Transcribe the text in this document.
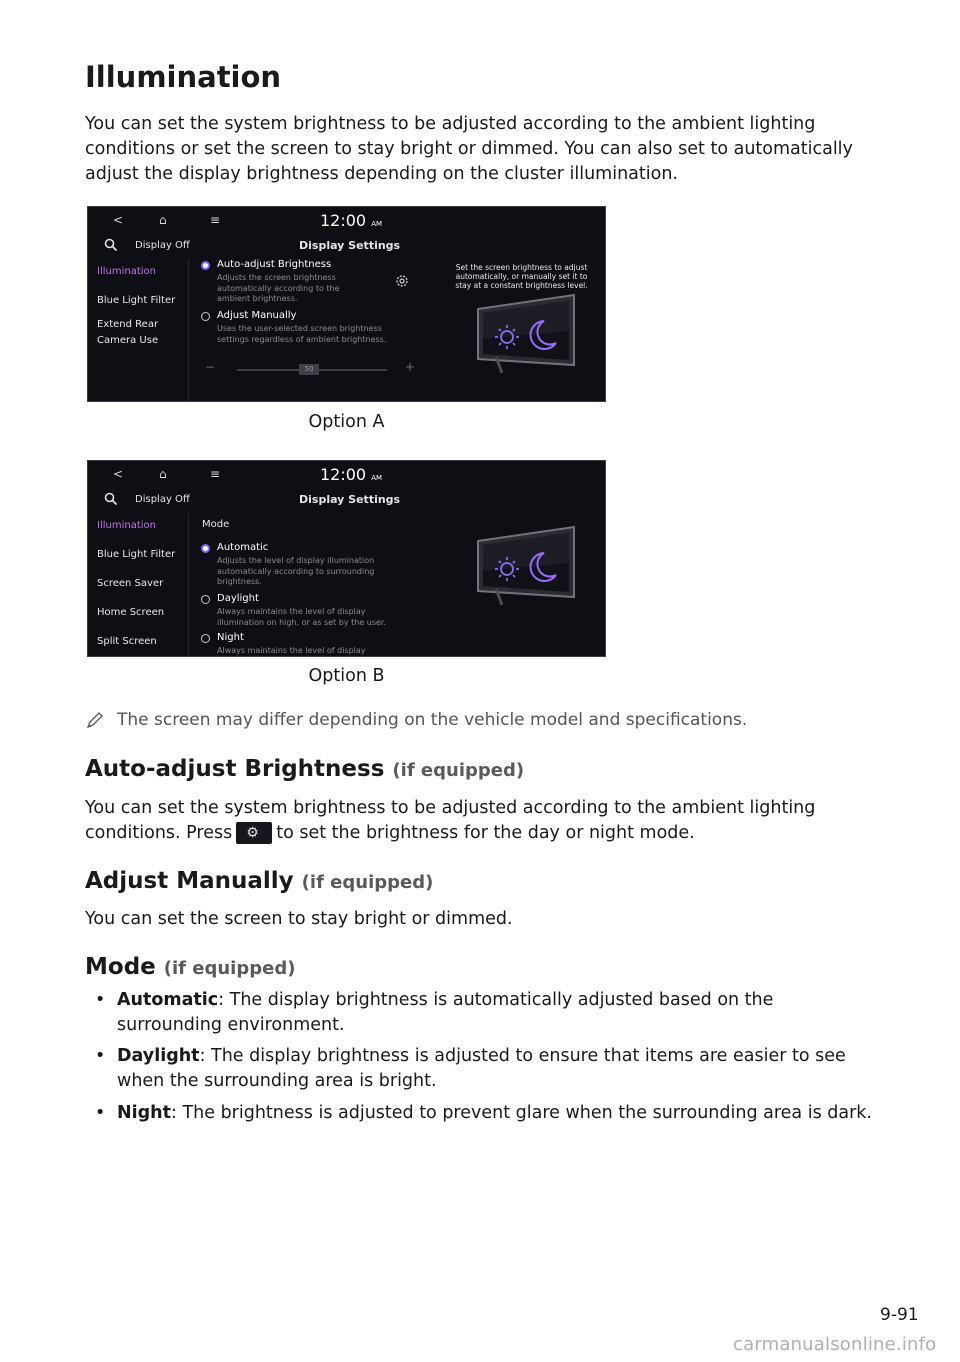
Illumination

You can set the system brightness to be adjusted according to the ambient lighting conditions or set the screen to stay bright or dimmed. You can also set to automatically adjust the display brightness depending on the cluster illumination.

<	⌂	≡	12:00 AM
Display Off	Display Settings
Illumination
Blue Light Filter
Extend Rear
Camera Use
Auto-adjust Brightness
Adjusts the screen brightness
automatically according to the
ambient brightness.
Adjust Manually
Uses the user-selected screen brightness
settings regardless of ambient brightness.
−	50	+
Set the screen brightness to adjust
automatically, or manually set it to
stay at a constant brightness level.
Option A
<	⌂	≡	12:00 AM
Display Off	Display Settings
Illumination
Blue Light Filter
Screen Saver
Home Screen
Split Screen
Mode
Automatic
Adjusts the level of display illumination
automatically according to surrounding
brightness.
Daylight
Always maintains the level of display
illumination on high, or as set by the user.
Night
Always maintains the level of display
Option B
The screen may differ depending on the vehicle model and specifications.
Auto-adjust Brightness (if equipped)

You can set the system brightness to be adjusted according to the ambient lighting conditions. Press ⚙ to set the brightness for the day or night mode.

Adjust Manually (if equipped)

You can set the screen to stay bright or dimmed.

Mode (if equipped)
• Automatic: The display brightness is automatically adjusted based on the surrounding environment.

• Daylight: The display brightness is adjusted to ensure that items are easier to see when the surrounding area is bright.

• Night: The brightness is adjusted to prevent glare when the surrounding area is dark.

9-91
carmanualsonline.info
